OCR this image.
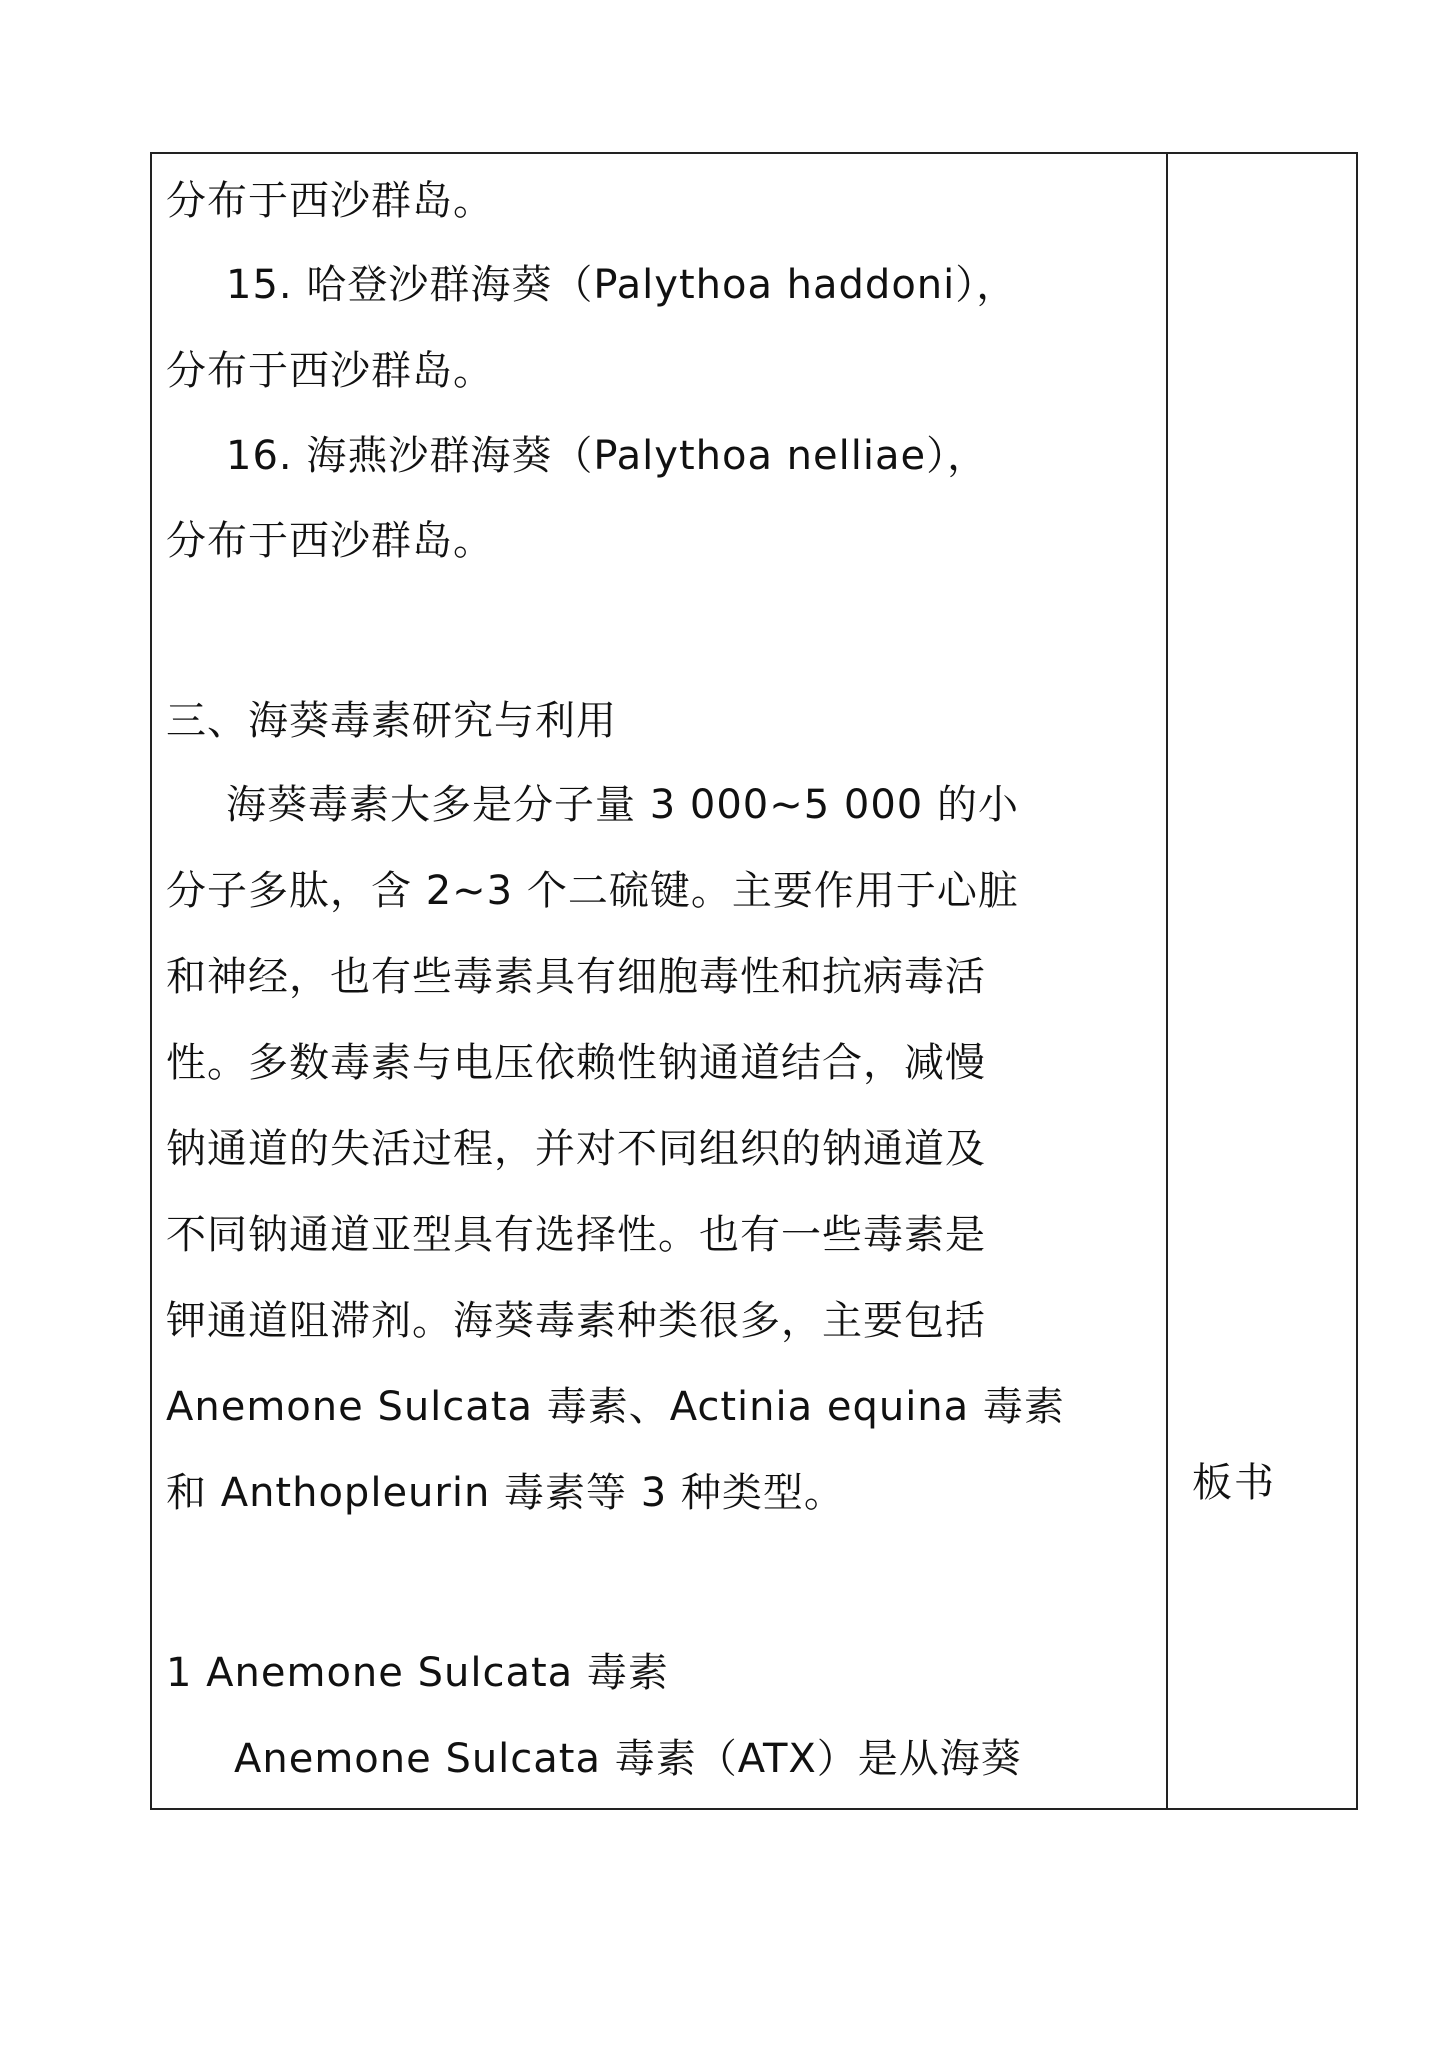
分布于西沙群岛。
15. 哈登沙群海葵（Palythoa haddoni），
分布于西沙群岛。
16. 海燕沙群海葵（Palythoa nelliae），
分布于西沙群岛。
三、海葵毒素研究与利用
海葵毒素大多是分子量 3 000~5 000 的小
分子多肽，含 2~3 个二硫键。主要作用于心脏
和神经，也有些毒素具有细胞毒性和抗病毒活
性。多数毒素与电压依赖性钠通道结合，减慢
钠通道的失活过程，并对不同组织的钠通道及
不同钠通道亚型具有选择性。也有一些毒素是
钾通道阻滞剂。海葵毒素种类很多，主要包括
Anemone Sulcata 毒素、Actinia equina 毒素
和 Anthopleurin 毒素等 3 种类型。
1 Anemone Sulcata 毒素
Anemone Sulcata 毒素（ATX）是从海葵
板书
